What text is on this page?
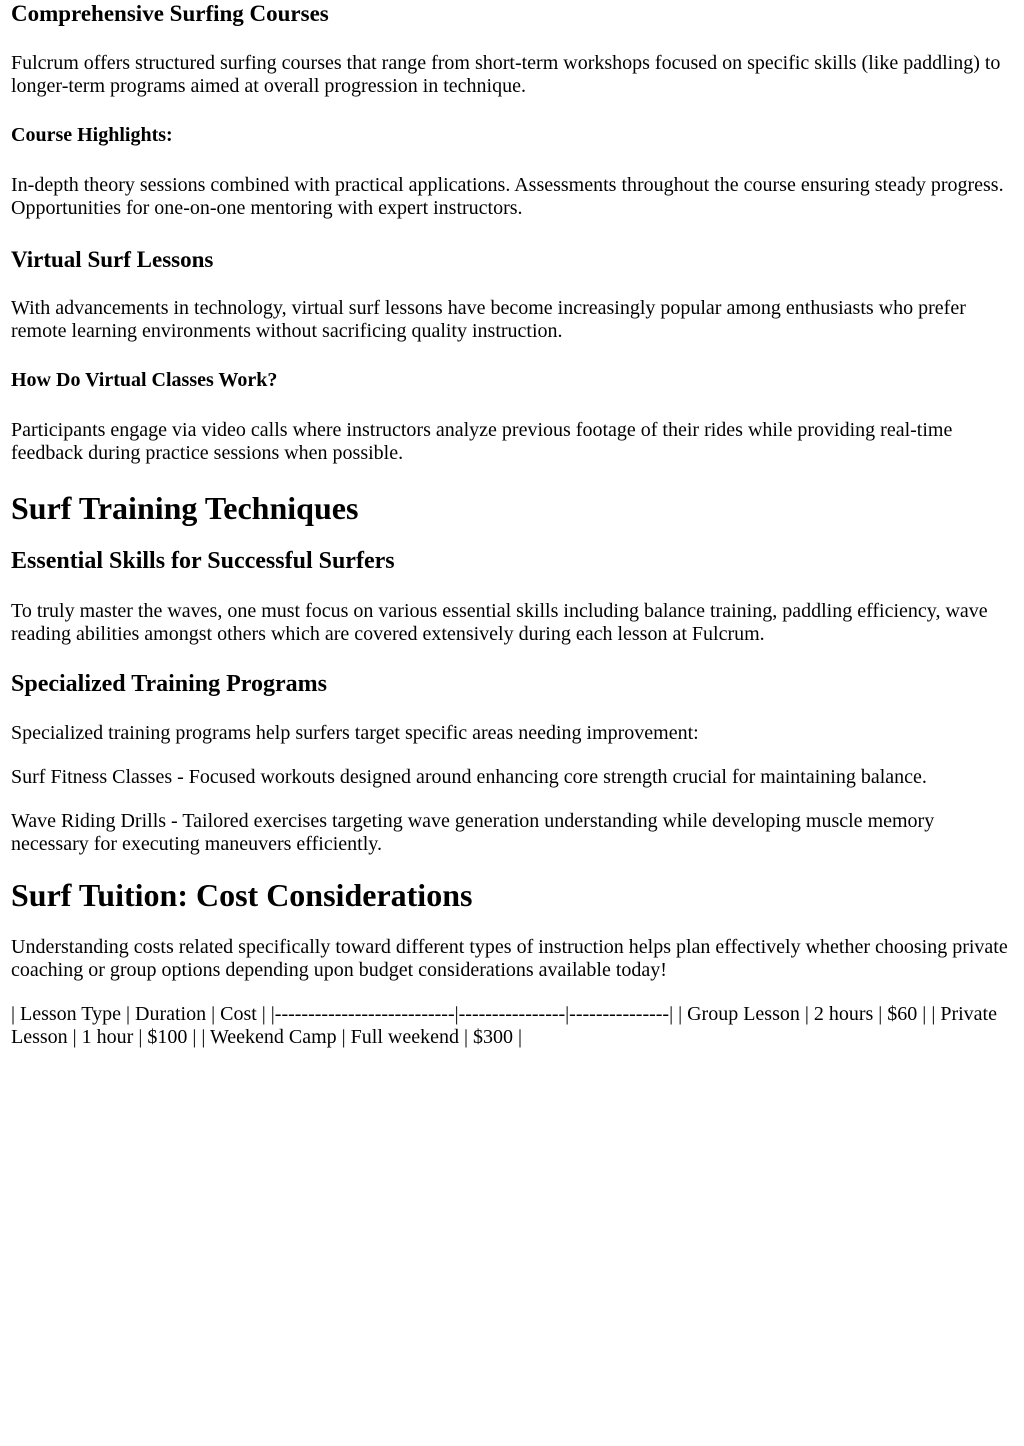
Comprehensive Surfing Courses

Fulcrum offers structured surfing courses that range from short-term workshops focused on specific skills (like paddling) to longer-term programs aimed at overall progression in technique.

Course Highlights:

In-depth theory sessions combined with practical applications. Assessments throughout the course ensuring steady progress. Opportunities for one-on-one mentoring with expert instructors.

Virtual Surf Lessons

With advancements in technology, virtual surf lessons have become increasingly popular among enthusiasts who prefer remote learning environments without sacrificing quality instruction.

How Do Virtual Classes Work?

Participants engage via video calls where instructors analyze previous footage of their rides while providing real-time feedback during practice sessions when possible.

Surf Training Techniques
Essential Skills for Successful Surfers

To truly master the waves, one must focus on various essential skills including balance training, paddling efficiency, wave reading abilities amongst others which are covered extensively during each lesson at Fulcrum.

Specialized Training Programs

Specialized training programs help surfers target specific areas needing improvement:

Surf Fitness Classes - Focused workouts designed around enhancing core strength crucial for maintaining balance.

Wave Riding Drills - Tailored exercises targeting wave generation understanding while developing muscle memory necessary for executing maneuvers efficiently.

Surf Tuition: Cost Considerations

Understanding costs related specifically toward different types of instruction helps plan effectively whether choosing private coaching or group options depending upon budget considerations available today!

| Lesson Type | Duration | Cost | |---------------------------|----------------|---------------| | Group Lesson | 2 hours | $60 | | Private Lesson | 1 hour | $100 | | Weekend Camp | Full weekend | $300 |
